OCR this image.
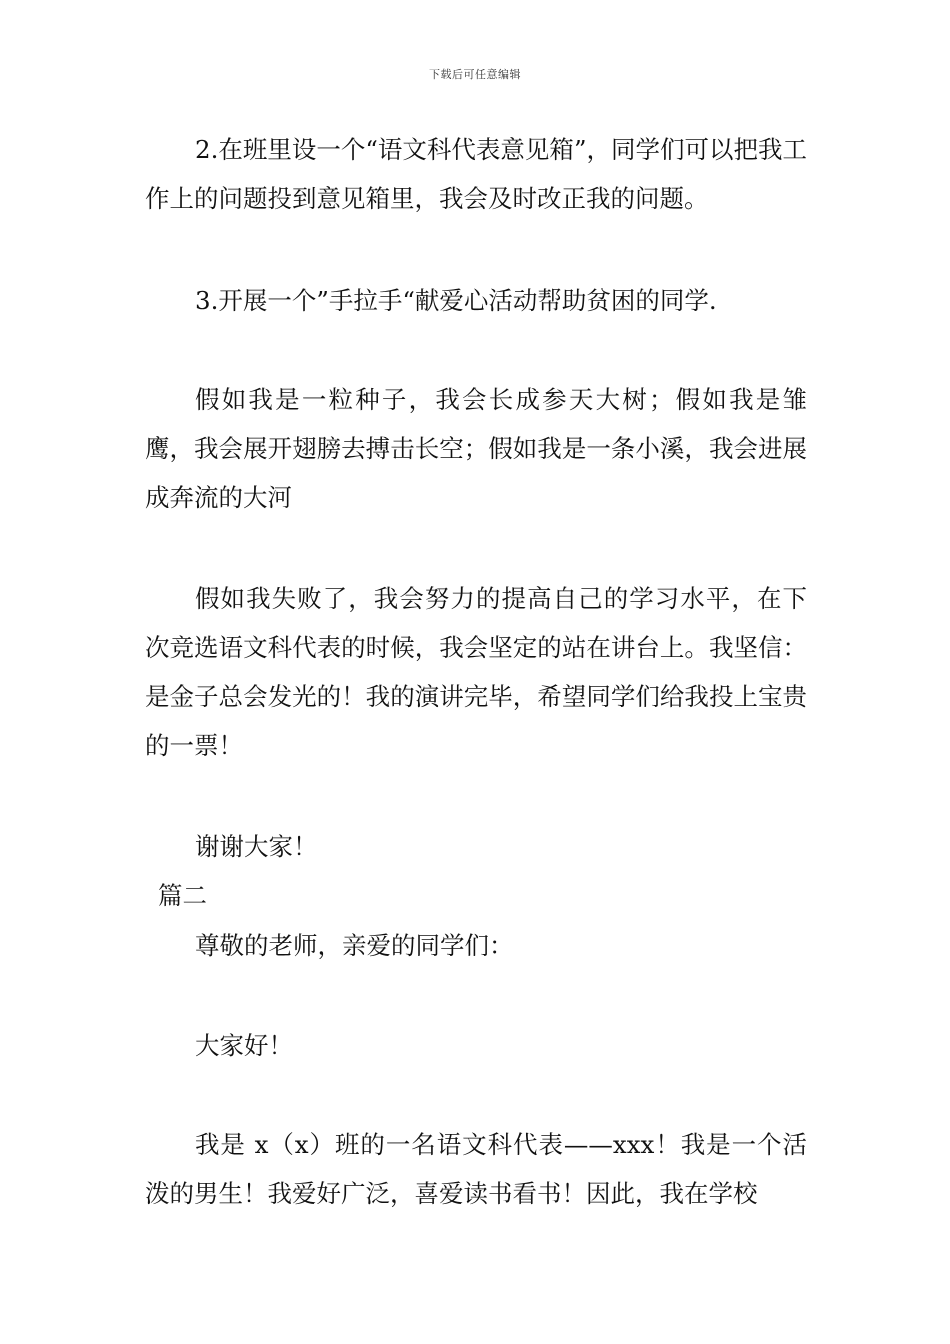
下载后可任意编辑

2.在班里设一个“语文科代表意见箱”，同学们可以把我工作上的问题投到意见箱里，我会及时改正我的问题。

3.开展一个”手拉手“献爱心活动帮助贫困的同学.

假如我是一粒种子，我会长成参天大树；假如我是雏鹰，我会展开翅膀去搏击长空；假如我是一条小溪，我会进展成奔流的大河

假如我失败了，我会努力的提高自己的学习水平，在下次竞选语文科代表的时候，我会坚定的站在讲台上。我坚信：是金子总会发光的！我的演讲完毕，希望同学们给我投上宝贵的一票！

谢谢大家！

篇二

尊敬的老师，亲爱的同学们：

大家好！

我是 x（x）班的一名语文科代表——xxx！我是一个活泼的男生！我爱好广泛，喜爱读书看书！因此，我在学校
